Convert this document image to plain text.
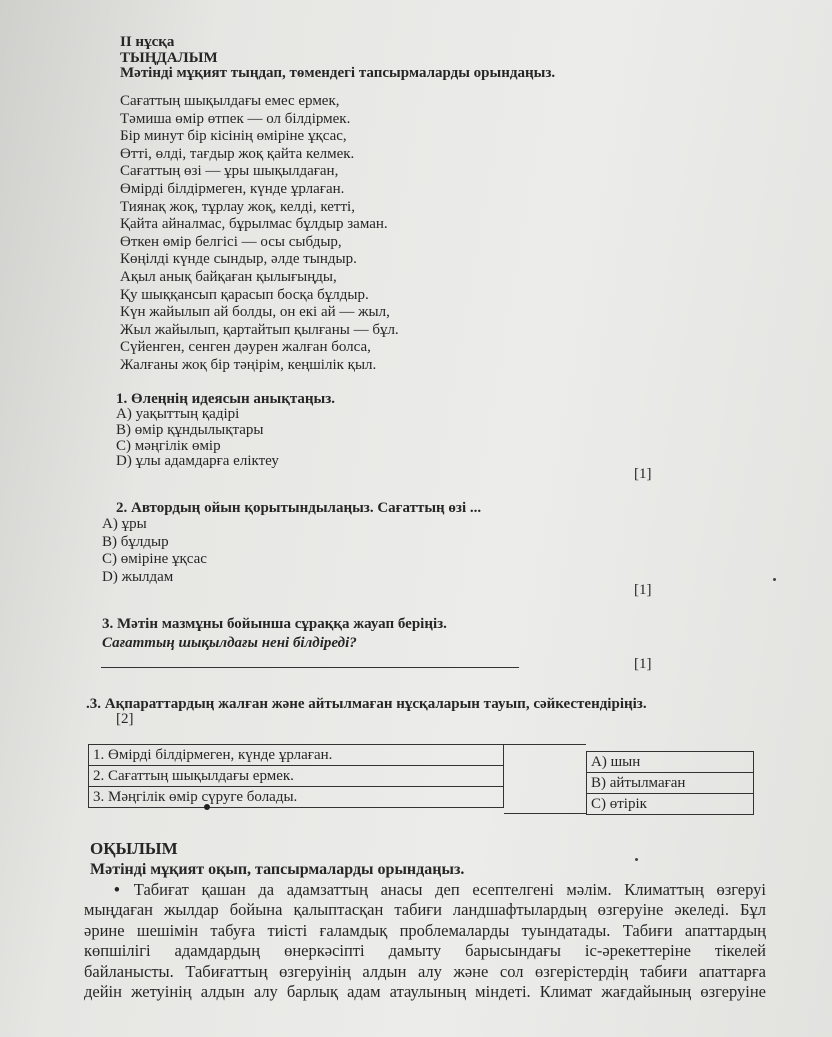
II нұсқа
ТЫҢДАЛЫМ
Мәтінді мұқият тыңдап, төмендегі тапсырмаларды орындаңыз.
Сағаттың шықылдағы емес ермек,
Тәмиша өмір өтпек — ол білдірмек.
Бір минут бір кісінің өміріне ұқсас,
Өтті, өлді, тағдыр жоқ қайта келмек.
Сағаттың өзі — ұры шықылдаған,
Өмірді білдірмеген, күнде ұрлаған.
Тиянақ жоқ, тұрлау жоқ, келді, кетті,
Қайта айналмас, бұрылмас бұлдыр заман.
Өткен өмір белгісі — осы сыбдыр,
Көңілді күнде сындыр, әлде тындыр.
Ақыл анық байқаған қылығыңды,
Қу шыққансып қарасып босқа бұлдыр.
Күн жайылып ай болды, он екі ай — жыл,
Жыл жайылып, қартайтып қылғаны — бұл.
Сүйенген, сенген дәурен жалған болса,
Жалғаны жоқ бір тәңірім, кеңшілік қыл.
1. Өлеңнің идеясын анықтаңыз.
А) уақыттың қадірі
В) өмір құндылықтары
С) мәңгілік өмір
D) ұлы адамдарға еліктеу
[1]
2. Автордың ойын қорытындылаңыз. Сағаттың өзі ...
А) ұры
В) бұлдыр
С) өміріне ұқсас
D) жылдам
[1]
3. Мәтін мазмұны бойынша сұраққа жауап беріңіз.
Сағаттың шықылдағы нені білдіреді?
[1]
.3. Ақпараттардың жалған және айтылмаған нұсқаларын тауып, сәйкестендіріңіз.
[2]
1. Өмірді білдірмеген, күнде ұрлаған.
2. Сағаттың шықылдағы ермек.
3. Мәңгілік өмір сүруге болады.
А) шын
В) айтылмаған
С) өтірік
ОҚЫЛЫМ
Мәтінді мұқият оқып, тапсырмаларды орындаңыз.
• Табиғат қашан да адамзаттың анасы деп есептелгені мәлім. Климаттың өзгеруі
мыңдаған жылдар бойына қалыптасқан табиғи ландшафтылардың өзгеруіне әкеледі. Бұл
әрине шешімін табуға тиісті ғаламдық проблемаларды туындатады. Табиғи апаттардың
көпшілігі адамдардың өнеркәсіпті дамыту барысындағы іс-әрекеттеріне тікелей
байланысты. Табиғаттың өзгеруінің алдын алу және сол өзгерістердің табиғи апаттарға
дейін жетуінің алдын алу барлық адам атаулының міндеті. Климат жағдайының өзгеруіне
